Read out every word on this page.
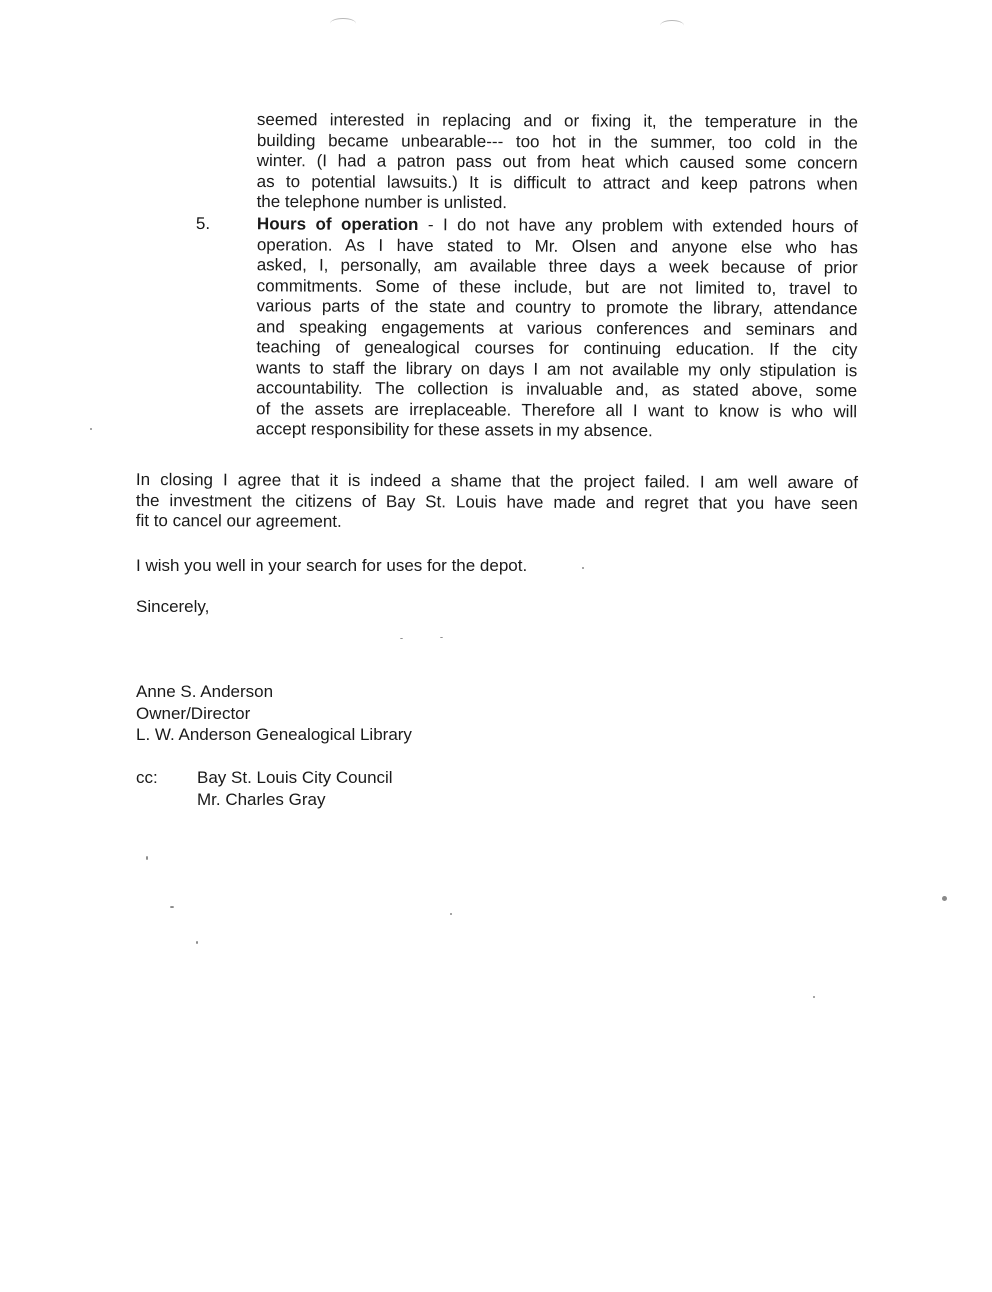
seemed interested in replacing and or fixing it, the temperature in the
building became unbearable--- too hot in the summer, too cold in the
winter. (I had a patron pass out from heat which caused some concern
as to potential lawsuits.) It is difficult to attract and keep patrons when
the telephone number is unlisted.
5.	Hours of operation - I do not have any problem with extended hours of
operation. As I have stated to Mr. Olsen and anyone else who has
asked, I, personally, am available three days a week because of prior
commitments. Some of these include, but are not limited to, travel to
various parts of the state and country to promote the library, attendance
and speaking engagements at various conferences and seminars and
teaching of genealogical courses for continuing education. If the city
wants to staff the library on days I am not available my only stipulation is
accountability. The collection is invaluable and, as stated above, some
of the assets are irreplaceable. Therefore all I want to know is who will
accept responsibility for these assets in my absence.
In closing I agree that it is indeed a shame that the project failed. I am well aware of
the investment the citizens of Bay St. Louis have made and regret that you have seen
fit to cancel our agreement.
I wish you well in your search for uses for the depot.
Sincerely,
Anne S. Anderson
Owner/Director
L. W. Anderson Genealogical Library
cc:	Bay St. Louis City Council
Mr. Charles Gray
